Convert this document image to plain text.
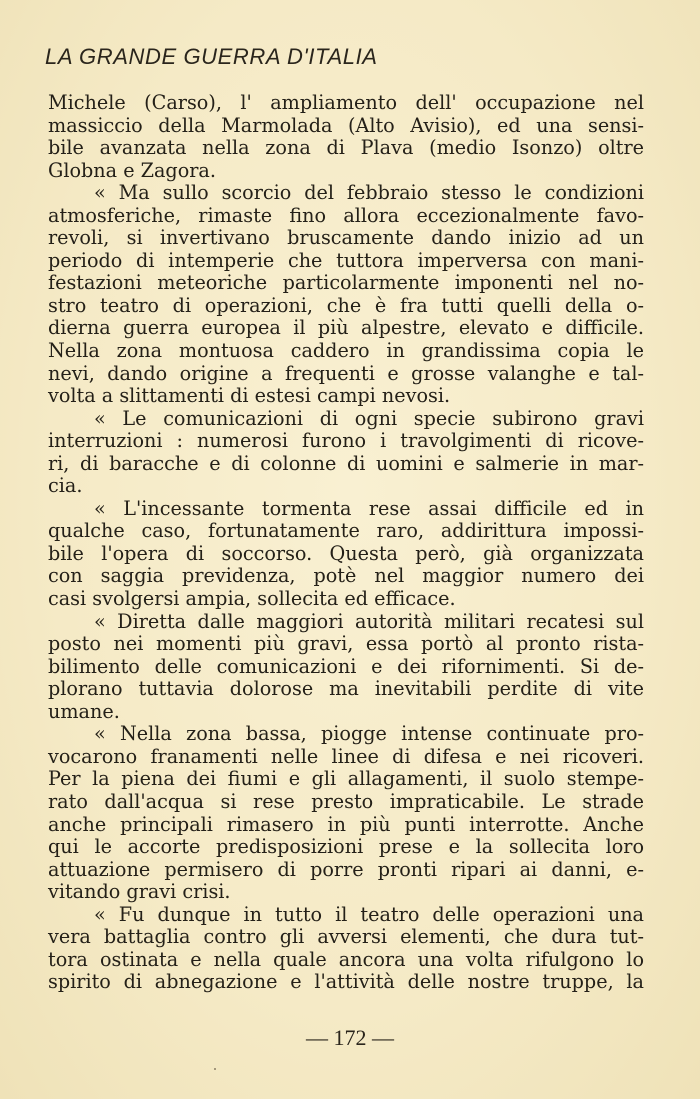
LA GRANDE GUERRA D'ITALIA
Michele (Carso), l' ampliamento dell' occupazione nel
massiccio della Marmolada (Alto Avisio), ed una sensi-
bile avanzata nella zona di Plava (medio Isonzo) oltre
Globna e Zagora.
« Ma sullo scorcio del febbraio stesso le condizioni
atmosferiche, rimaste fino allora eccezionalmente favo-
revoli, si invertivano bruscamente dando inizio ad un
periodo di intemperie che tuttora imperversa con mani-
festazioni meteoriche particolarmente imponenti nel no-
stro teatro di operazioni, che è fra tutti quelli della o-
dierna guerra europea il più alpestre, elevato e difficile.
Nella zona montuosa caddero in grandissima copia le
nevi, dando origine a frequenti e grosse valanghe e tal-
volta a slittamenti di estesi campi nevosi.
« Le comunicazioni di ogni specie subirono gravi
interruzioni : numerosi furono i travolgimenti di ricove-
ri, di baracche e di colonne di uomini e salmerie in mar-
cia.
« L'incessante tormenta rese assai difficile ed in
qualche caso, fortunatamente raro, addirittura impossi-
bile l'opera di soccorso. Questa però, già organizzata
con saggia previdenza, potè nel maggior numero dei
casi svolgersi ampia, sollecita ed efficace.
« Diretta dalle maggiori autorità militari recatesi sul
posto nei momenti più gravi, essa portò al pronto rista-
bilimento delle comunicazioni e dei rifornimenti. Si de-
plorano tuttavia dolorose ma inevitabili perdite di vite
umane.
« Nella zona bassa, piogge intense continuate pro-
vocarono franamenti nelle linee di difesa e nei ricoveri.
Per la piena dei fiumi e gli allagamenti, il suolo stempe-
rato dall'acqua si rese presto impraticabile. Le strade
anche principali rimasero in più punti interrotte. Anche
qui le accorte predisposizioni prese e la sollecita loro
attuazione permisero di porre pronti ripari ai danni, e-
vitando gravi crisi.
« Fu dunque in tutto il teatro delle operazioni una
vera battaglia contro gli avversi elementi, che dura tut-
tora ostinata e nella quale ancora una volta rifulgono lo
spirito di abnegazione e l'attività delle nostre truppe, la
— 172 —
